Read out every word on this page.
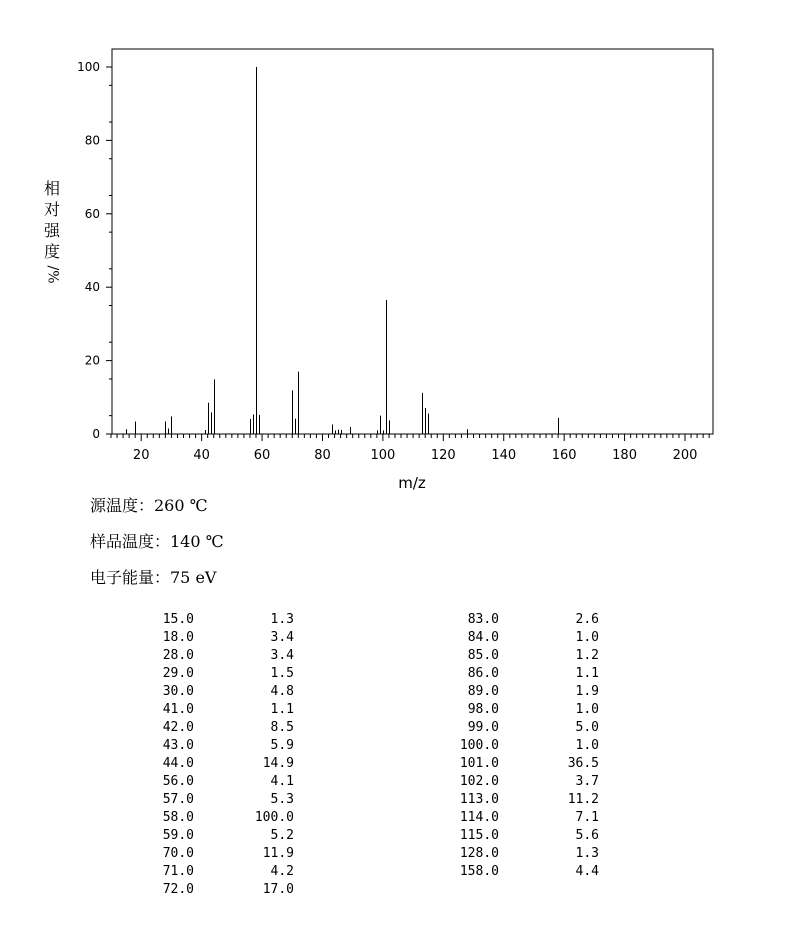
0
20
40
60
80
100
20	40	60	80	100	120	140	160	180	200
m/z
相
对
强
度
/%
源温度：260 ℃
样品温度：140 ℃
电子能量：75 eV
15.0	1.3
18.0	3.4
28.0	3.4
29.0	1.5
30.0	4.8
41.0	1.1
42.0	8.5
43.0	5.9
44.0	14.9
56.0	4.1
57.0	5.3
58.0	100.0
59.0	5.2
70.0	11.9
71.0	4.2
72.0	17.0
83.0	2.6
84.0	1.0
85.0	1.2
86.0	1.1
89.0	1.9
98.0	1.0
99.0	5.0
100.0	1.0
101.0	36.5
102.0	3.7
113.0	11.2
114.0	7.1
115.0	5.6
128.0	1.3
158.0	4.4
